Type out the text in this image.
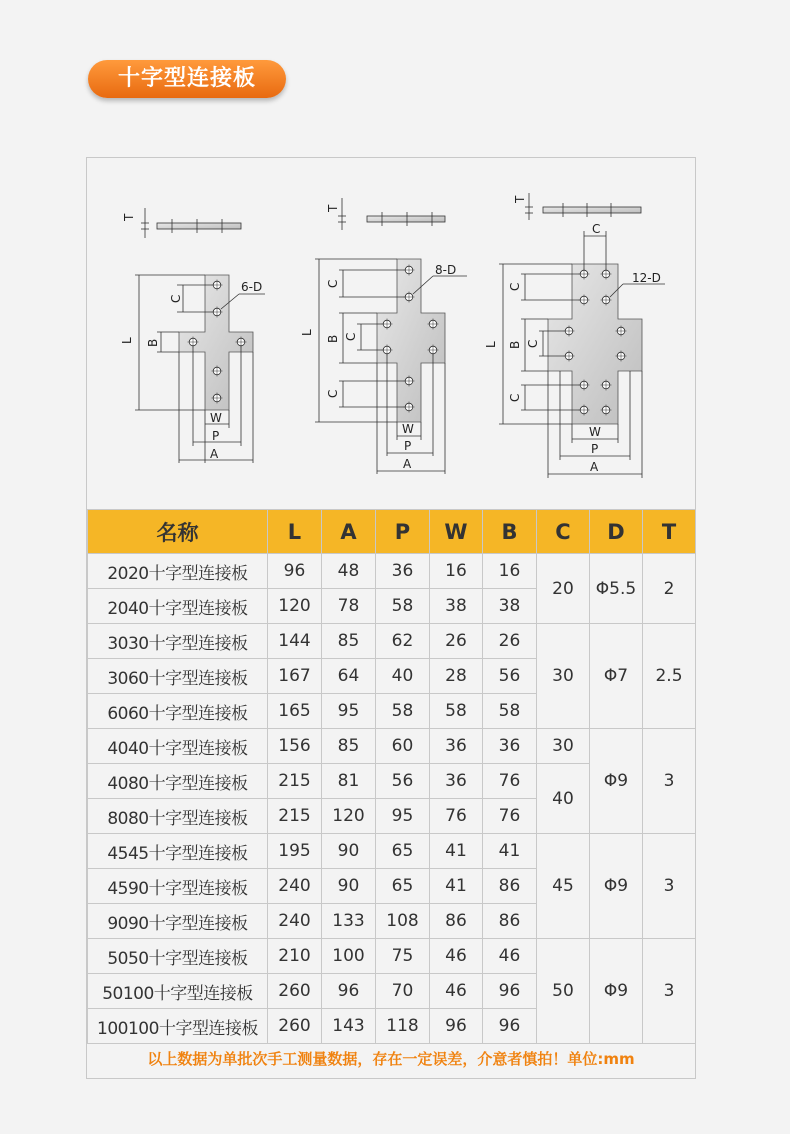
十字型连接板
T
6-D
L
C
B
W
P
A
T
8-D
L
C
B C
C
W
P
A
T
C
12-D
L
C
B C
C
W
P
A
名称	L	A	P	W	B	C	D	T
2020十字型连接板	96	48	36	16	16	20	Φ5.5	2
2040十字型连接板	120	78	58	38	38			
3030十字型连接板	144	85	62	26	26	30	Φ7	2.5
3060十字型连接板	167	64	40	28	56			
6060十字型连接板	165	95	58	58	58			
4040十字型连接板	156	85	60	36	36	30	Φ9	3
4080十字型连接板	215	81	56	36	76	40		
8080十字型连接板	215	120	95	76	76			
4545十字型连接板	195	90	65	41	41	45	Φ9	3
4590十字型连接板	240	90	65	41	86			
9090十字型连接板	240	133	108	86	86			
5050十字型连接板	210	100	75	46	46	50	Φ9	3
50100十字型连接板	260	96	70	46	96			
100100十字型连接板	260	143	118	96	96			
以上数据为单批次手工测量数据，存在一定误差，介意者慎拍！单位:mm
